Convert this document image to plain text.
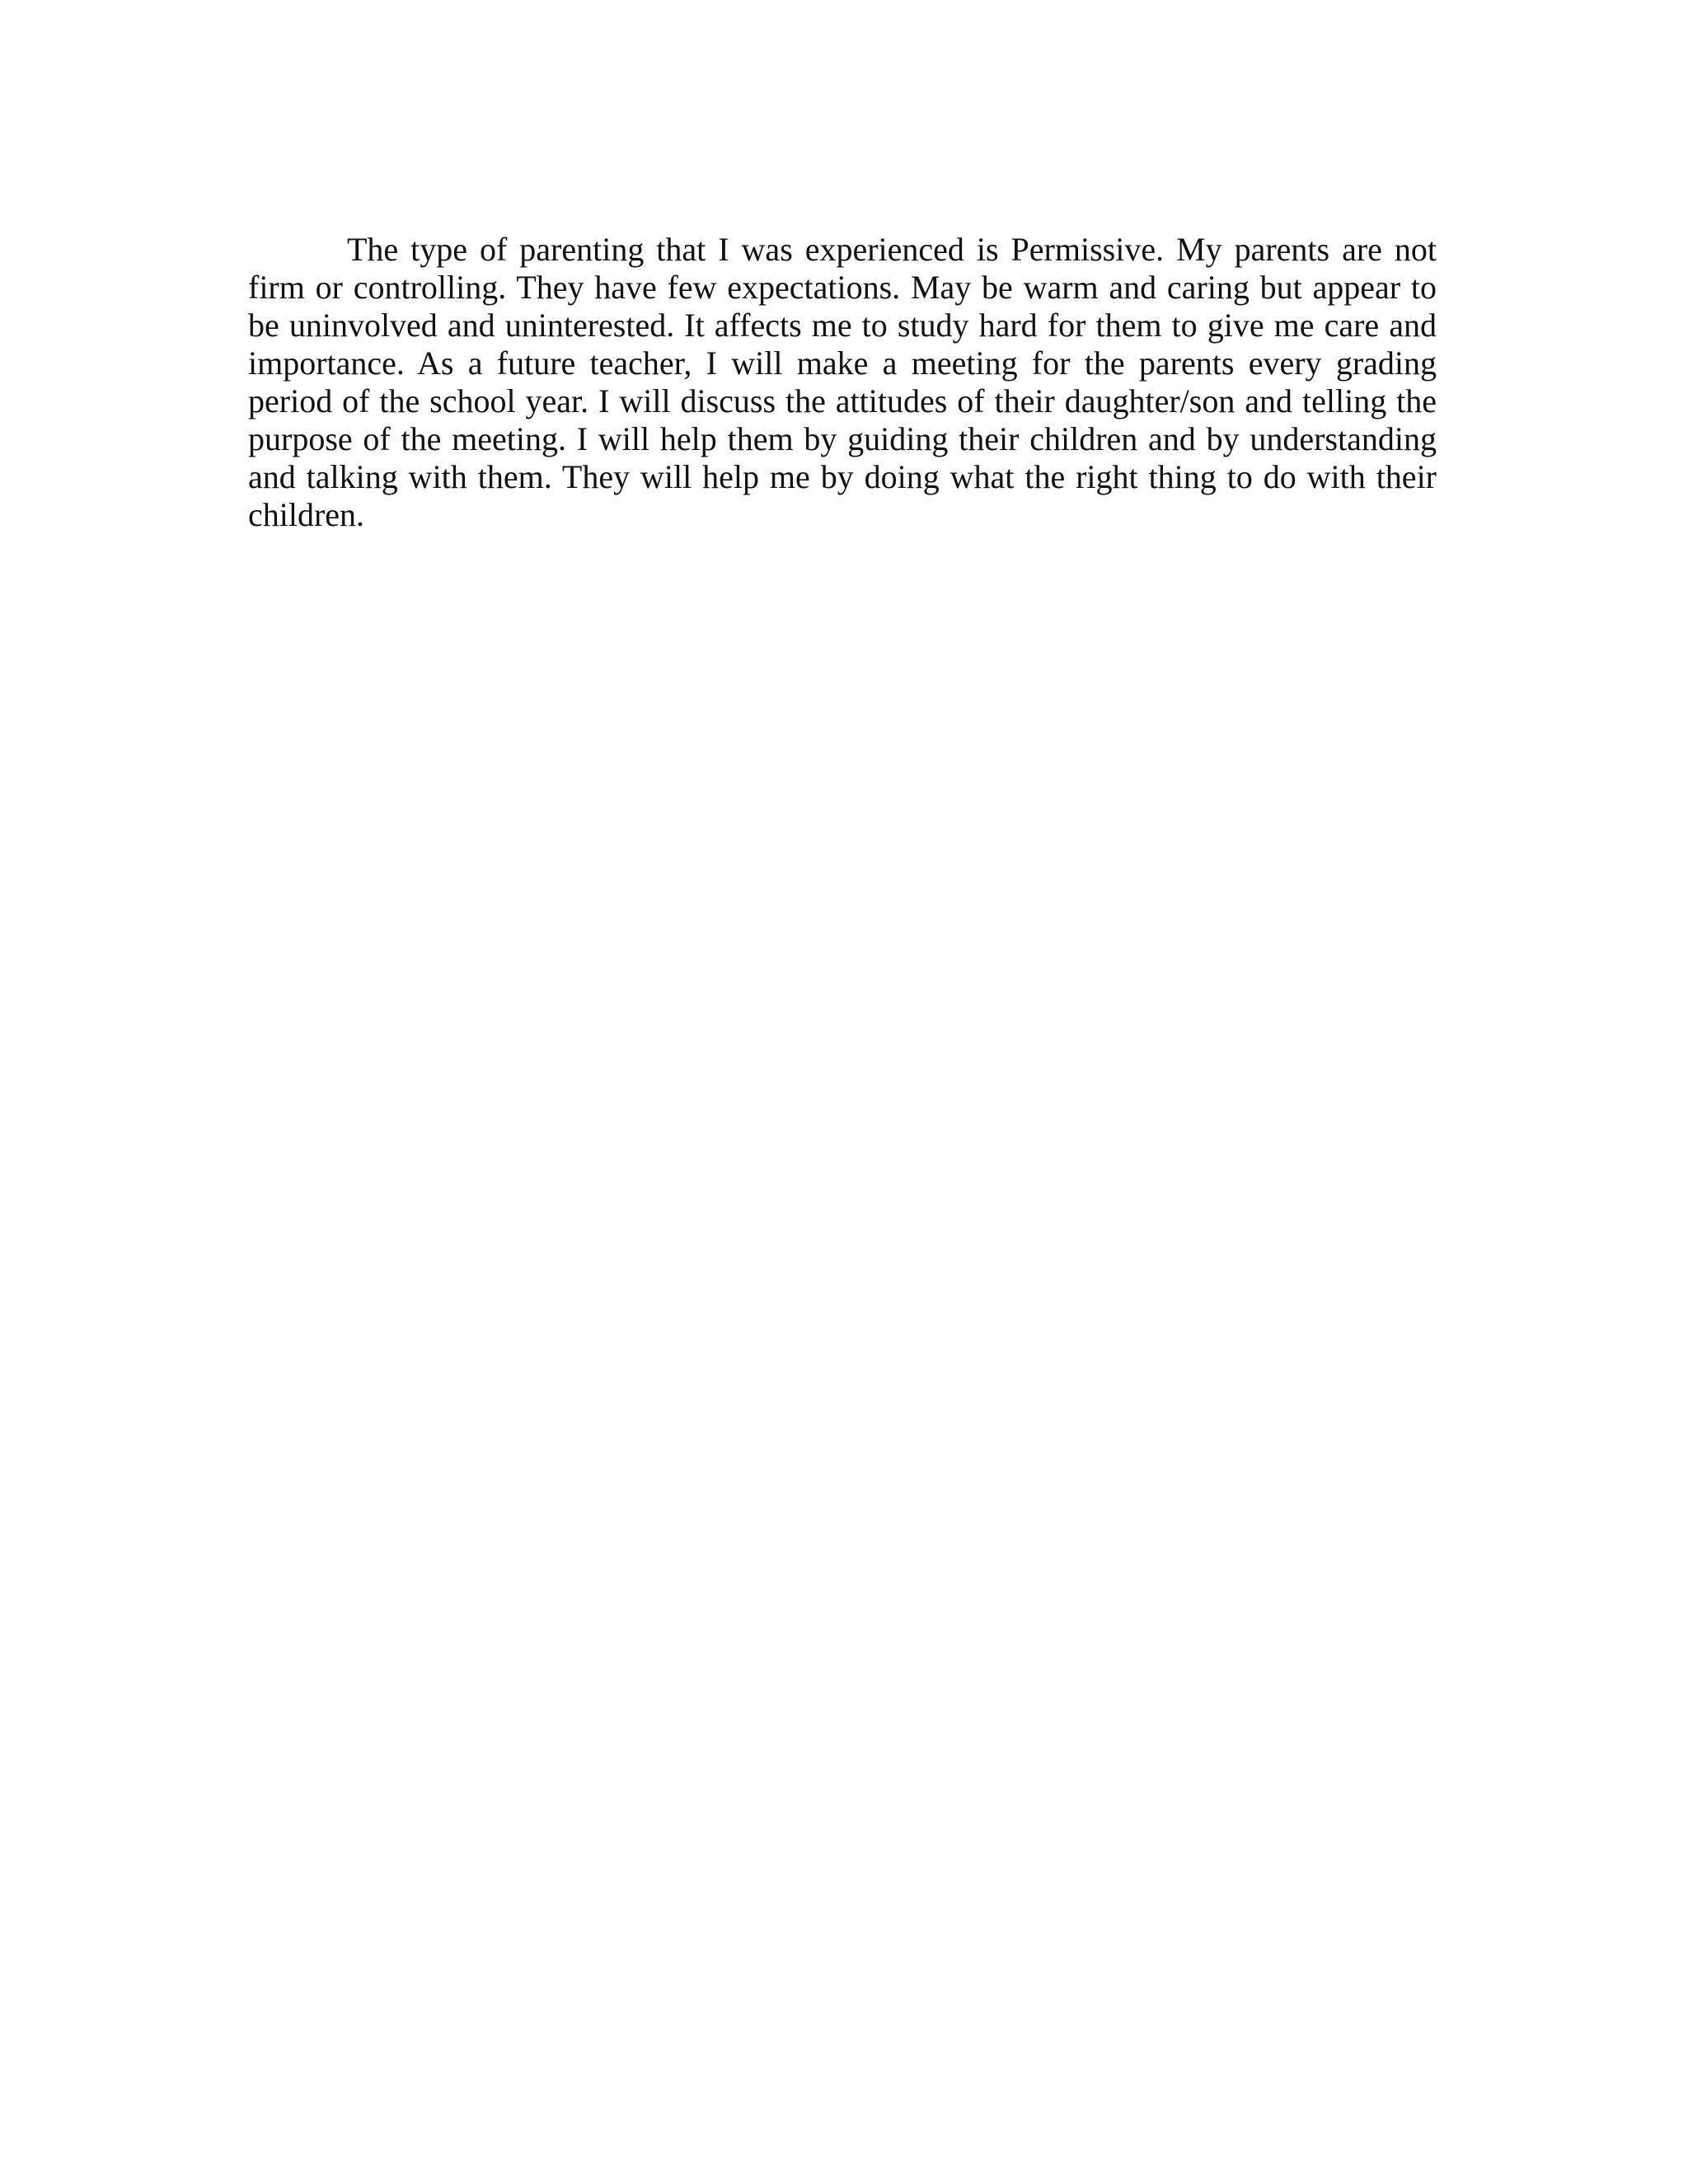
The type of parenting that I was experienced is Permissive. My parents are not firm or controlling. They have few expectations. May be warm and caring but appear to be uninvolved and uninterested. It affects me to study hard for them to give me care and importance. As a future teacher, I will make a meeting for the parents every grading period of the school year. I will discuss the attitudes of their daughter/son and telling the purpose of the meeting. I will help them by guiding their children and by understanding and talking with them. They will help me by doing what the right thing to do with their children.
